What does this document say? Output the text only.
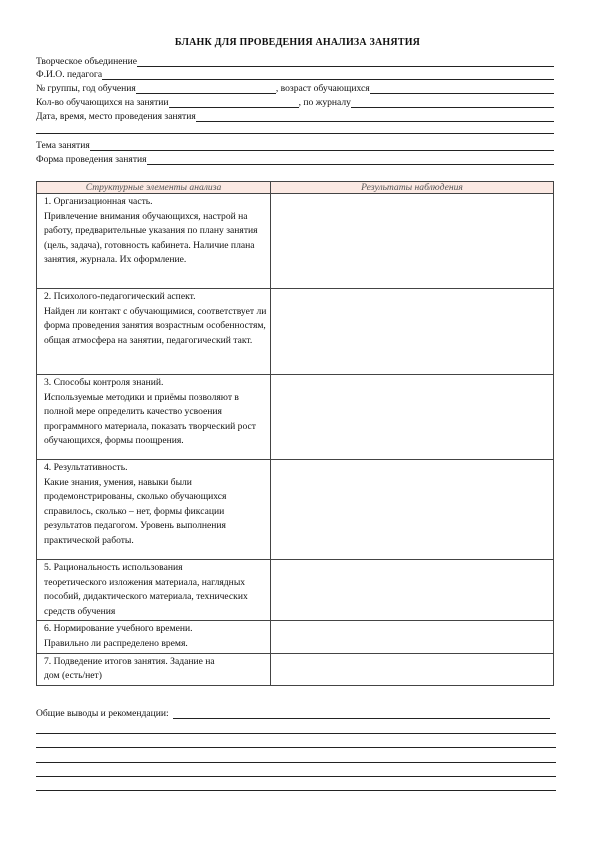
БЛАНК ДЛЯ ПРОВЕДЕНИЯ АНАЛИЗА ЗАНЯТИЯ
Творческое объединение
Ф.И.О. педагога
№ группы, год обучения	, возраст обучающихся
Кол-во обучающихся на занятии	, по журналу
Дата, время, место проведения занятия
Тема занятия
Форма проведения занятия
Структурные элементы анализа	Результаты наблюдения

1. Организационная часть.
Привлечение внимания обучающихся, настрой на работу, предварительные указания по плану занятия (цель, задача), готовность кабинета. Наличие плана занятия, журнала. Их оформление.	

2. Психолого-педагогический аспект.
Найден ли контакт с обучающимися, соответствует ли форма проведения занятия возрастным особенностям, общая атмосфера на занятии, педагогический такт.	

3. Способы контроля знаний.
Используемые методики и приёмы позволяют в полной мере определить качество усвоения программного материала, показать творческий рост обучающихся, формы поощрения.	

4. Результативность.
Какие знания, умения, навыки были продемонстрированы, сколько обучающихся справилось, сколько – нет, формы фиксации результатов педагогом. Уровень выполнения практической работы.	

5. Рациональность использования
теоретического изложения материала, наглядных пособий, дидактического материала, технических средств обучения	

6. Нормирование учебного времени.
Правильно ли распределено время.	

7. Подведение итогов занятия. Задание на
дом (есть/нет)	

Общие выводы и рекомендации:
